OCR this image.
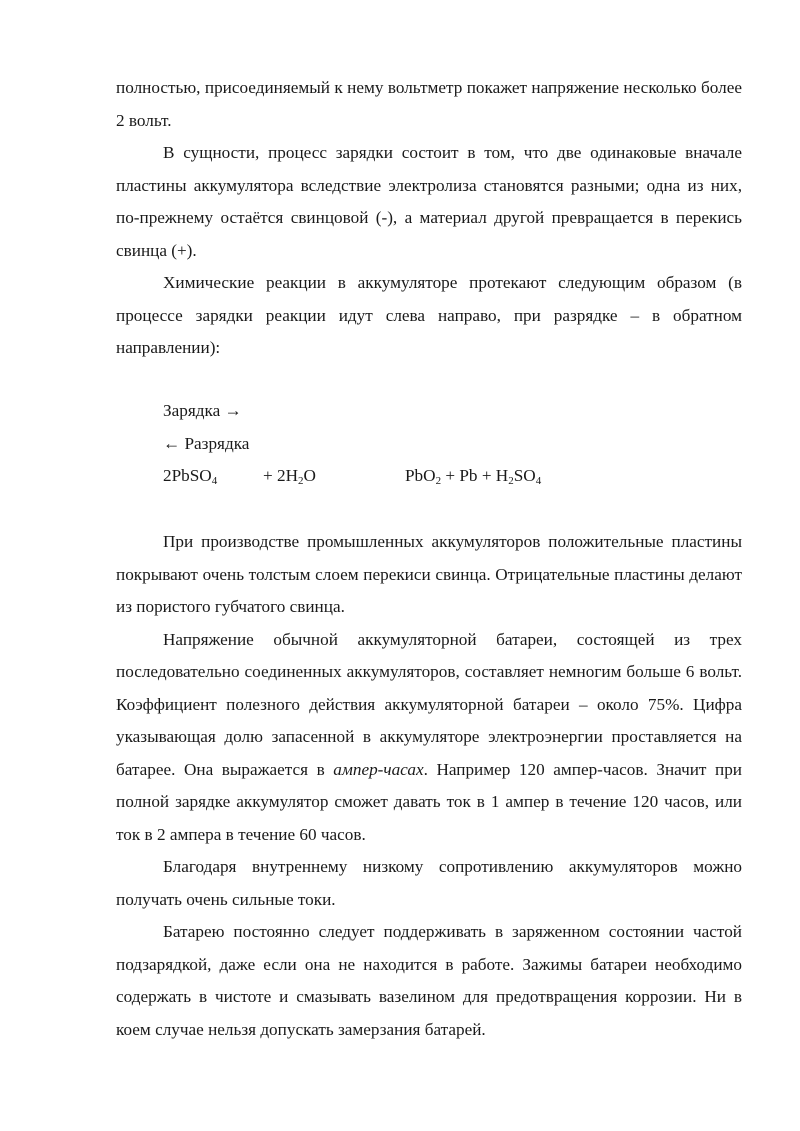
полностью, присоединяемый к нему вольтметр покажет напряжение несколько более 2 вольт.

В сущности, процесс зарядки состоит в том, что две одинаковые вначале пластины аккумулятора вследствие электролиза становятся разными; одна из них, по-прежнему остаётся свинцовой (-), а материал другой превращается в перекись свинца (+).

Химические реакции в аккумуляторе протекают следующим образом (в процессе зарядки реакции идут слева направо, при разрядке – в обратном направлении):

Зарядка →
← Разрядка
2PbSO$_4$	+ $2H_2O$	$PbO_2 + Pb + H_2SO_4$

При производстве промышленных аккумуляторов положительные пластины покрывают очень толстым слоем перекиси свинца. Отрицательные пластины делают из пористого губчатого свинца.

Напряжение обычной аккумуляторной батареи, состоящей из трех последовательно соединенных аккумуляторов, составляет немногим больше 6 вольт. Коэффициент полезного действия аккумуляторной батареи – около 75%. Цифра указывающая долю запасенной в аккумуляторе электроэнергии проставляется на батарее. Она выражается в ампер-часах. Например 120 ампер-часов. Значит при полной зарядке аккумулятор сможет давать ток в 1 ампер в течение 120 часов, или ток в 2 ампера в течение 60 часов.

Благодаря внутреннему низкому сопротивлению аккумуляторов можно получать очень сильные токи.

Батарею постоянно следует поддерживать в заряженном состоянии частой подзарядкой, даже если она не находится в работе. Зажимы батареи необходимо содержать в чистоте и смазывать вазелином для предотвращения коррозии. Ни в коем случае нельзя допускать замерзания батарей.
